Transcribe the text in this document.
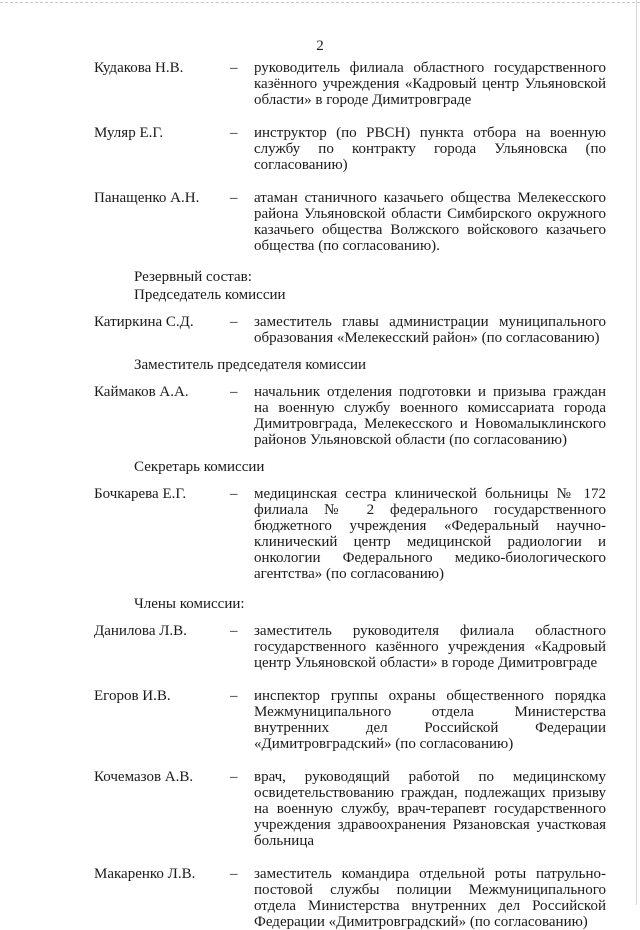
2
Кудакова Н.В.	–	руководитель филиала областного государственного казённого учреждения «Кадровый центр Ульяновской области» в городе Димитровграде
Муляр Е.Г.	–	инструктор (по РВСН) пункта отбора на военную службу по контракту города Ульяновска (по согласованию)
Панащенко А.Н.	–	атаман станичного казачьего общества Мелекесского района Ульяновской области Симбирского окружного казачьего общества Волжского войскового казачьего общества (по согласованию).
Резервный состав:
Председатель комиссии
Катиркина С.Д.	–	заместитель главы администрации муниципального образования «Мелекесский район» (по согласованию)
Заместитель председателя комиссии
Каймаков А.А.	–	начальник отделения подготовки и призыва граждан на военную службу военного комиссариата города Димитровграда, Мелекесского и Новомалыклинского районов Ульяновской области (по согласованию)
Секретарь комиссии
Бочкарева Е.Г.	–	медицинская сестра клинической больницы № 172 филиала № 2 федерального государственного бюджетного учреждения «Федеральный научно-клинический центр медицинской радиологии и онкологии Федерального медико-биологического агентства» (по согласованию)
Члены комиссии:
Данилова Л.В.	–	заместитель руководителя филиала областного государственного казённого учреждения «Кадровый центр Ульяновской области» в городе Димитровграде
Егоров И.В.	–	инспектор группы охраны общественного порядка Межмуниципального отдела Министерства внутренних дел Российской Федерации «Димитровградский» (по согласованию)
Кочемазов А.В.	–	врач, руководящий работой по медицинскому освидетельствованию граждан, подлежащих призыву на военную службу, врач-терапевт государственного учреждения здравоохранения Рязановская участковая больница
Макаренко Л.В.	–	заместитель командира отдельной роты патрульно-постовой службы полиции Межмуниципального отдела Министерства внутренних дел Российской Федерации «Димитровградский» (по согласованию)
